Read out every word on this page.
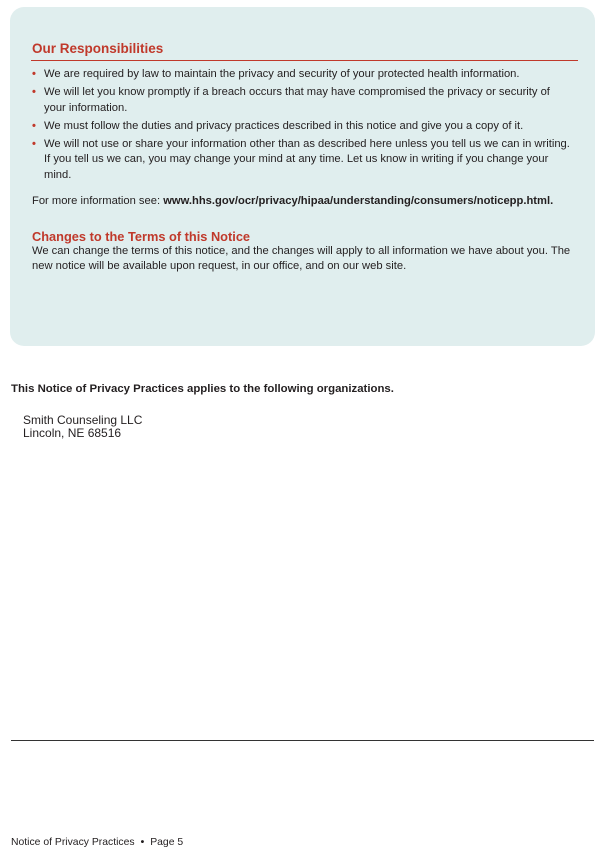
Our Responsibilities
• We are required by law to maintain the privacy and security of your protected health information.
• We will let you know promptly if a breach occurs that may have compromised the privacy or security of your information.
• We must follow the duties and privacy practices described in this notice and give you a copy of it.
• We will not use or share your information other than as described here unless you tell us we can in writing. If you tell us we can, you may change your mind at any time. Let us know in writing if you change your mind.
For more information see: www.hhs.gov/ocr/privacy/hipaa/understanding/consumers/noticepp.html.
Changes to the Terms of this Notice
We can change the terms of this notice, and the changes will apply to all information we have about you. The new notice will be available upon request, in our office, and on our web site.
This Notice of Privacy Practices applies to the following organizations.
Smith Counseling LLC
Lincoln, NE 68516
Notice of Privacy Practices • Page 5
